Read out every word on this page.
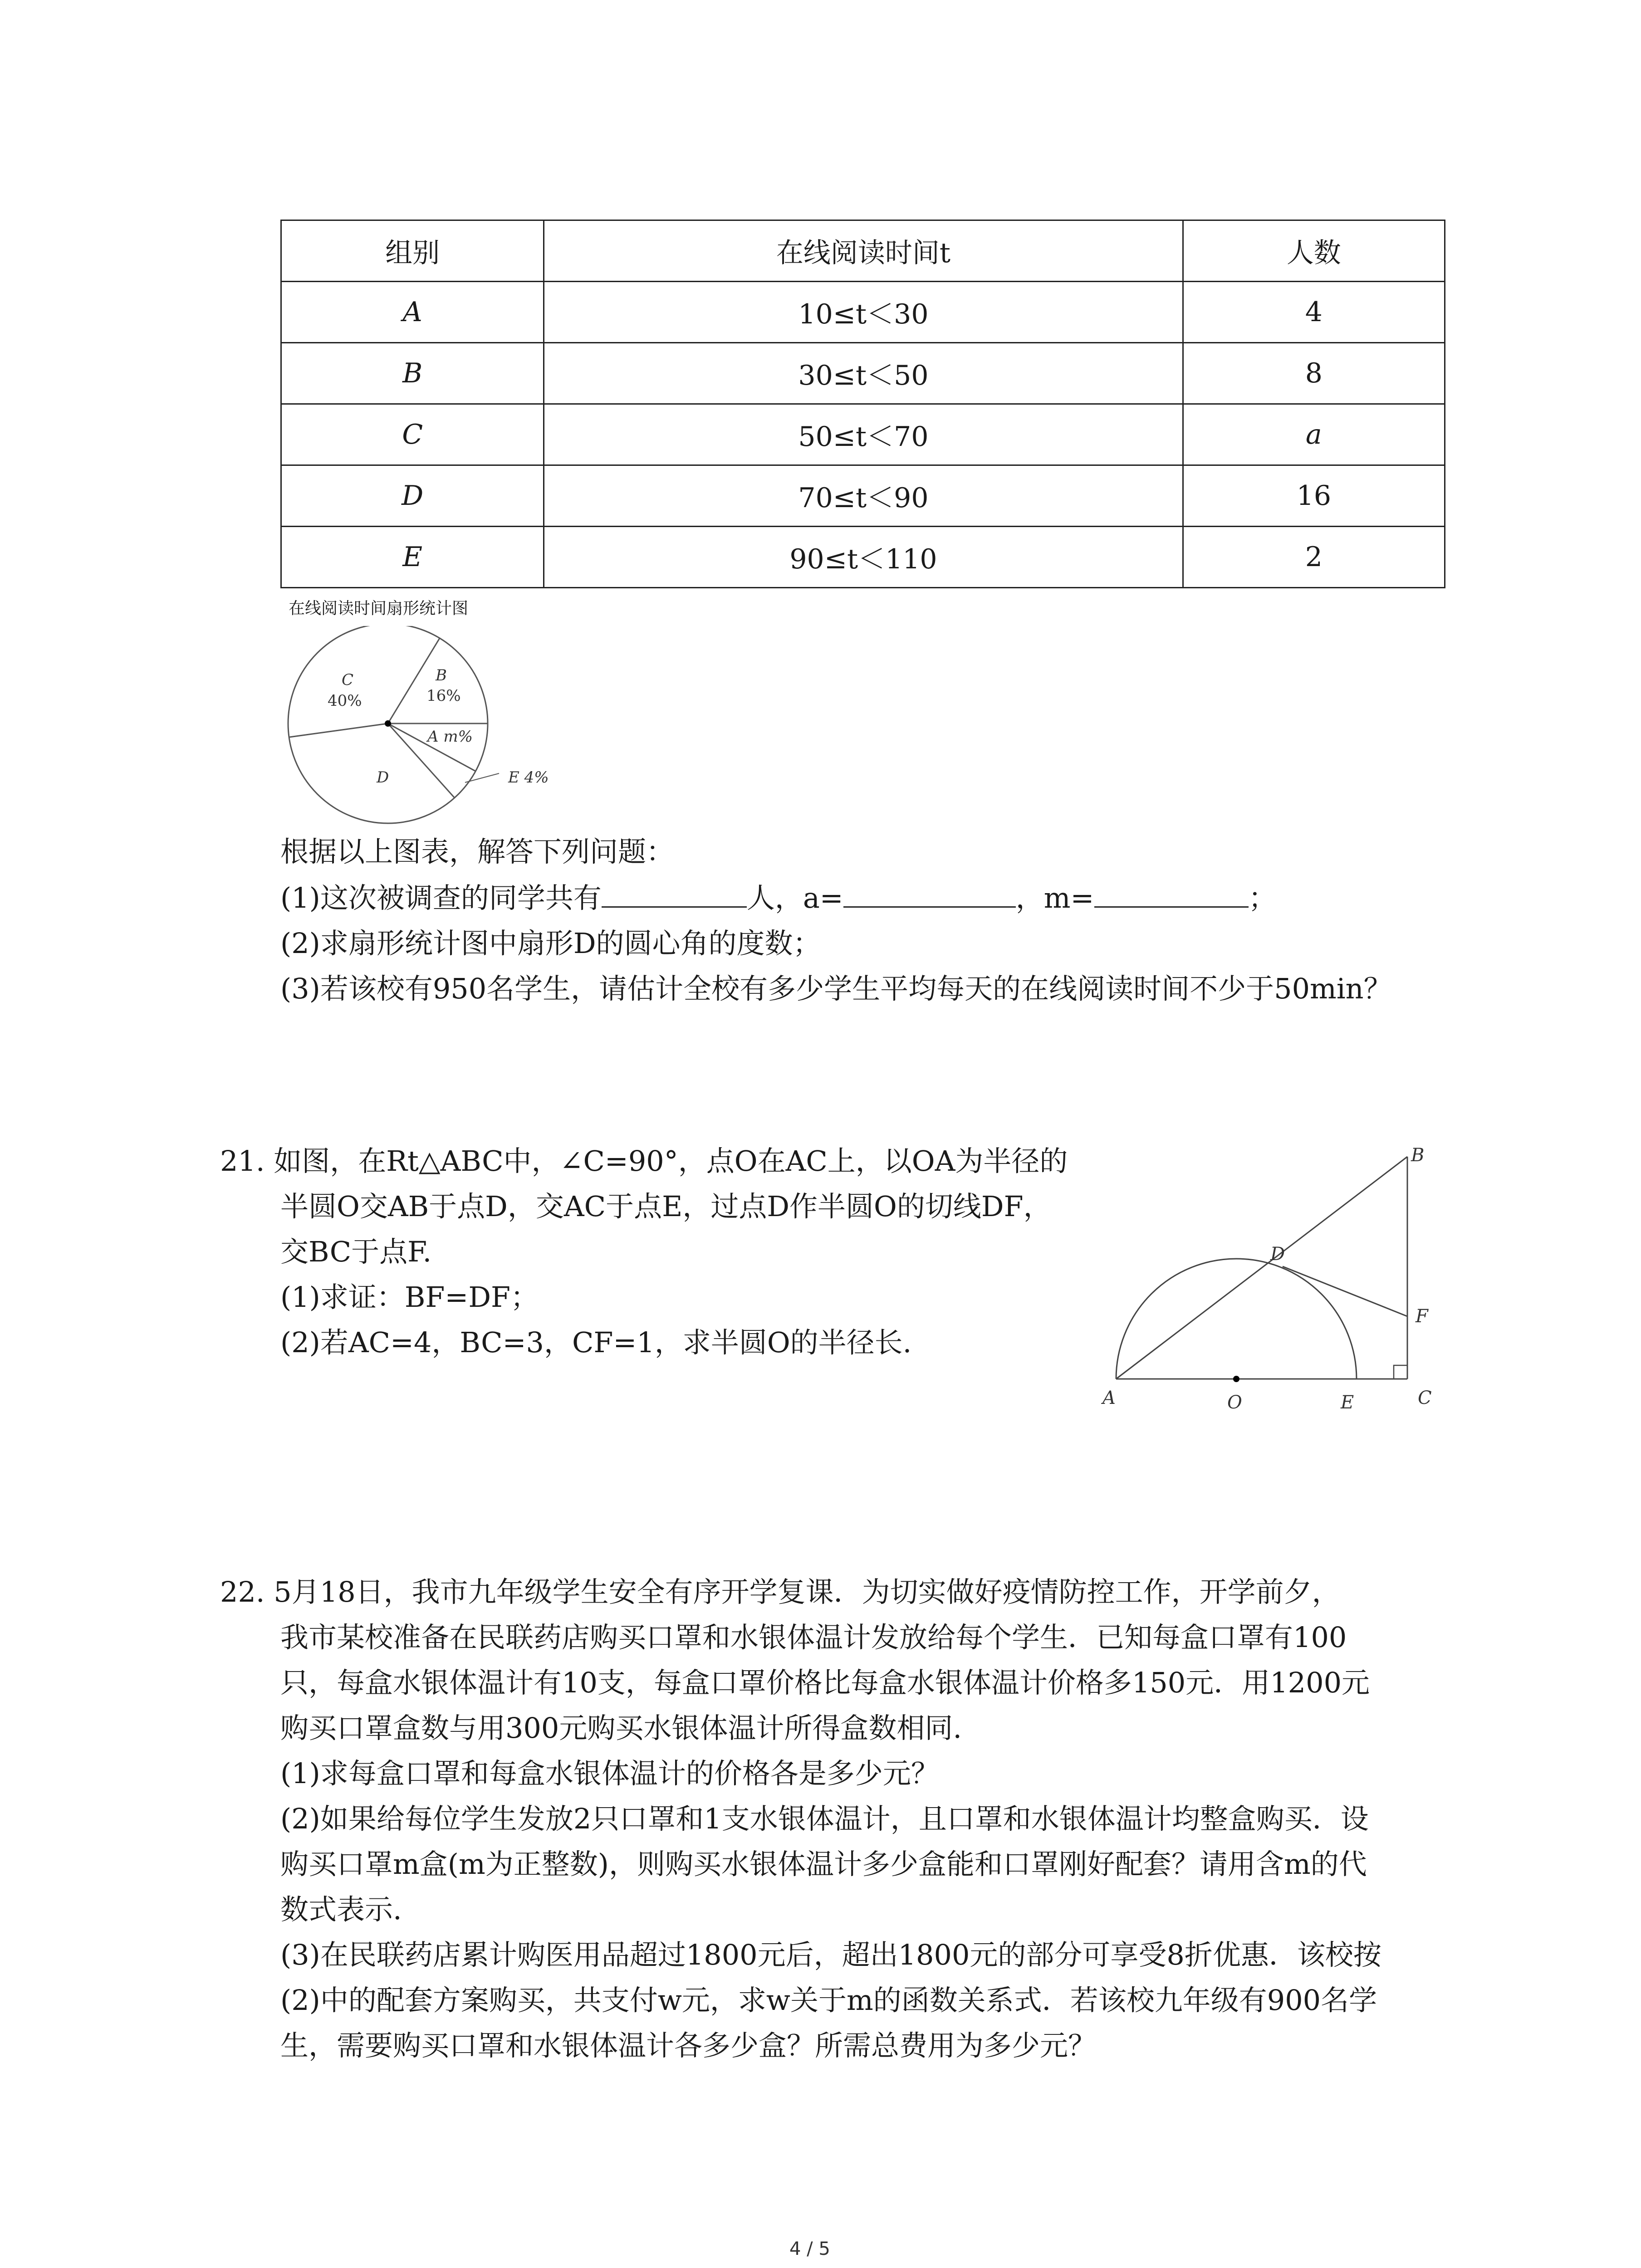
组别	在线阅读时间t	人数
A	10≤t＜30	4
B	30≤t＜50	8
C	50≤t＜70	a
D	70≤t＜90	16
E	90≤t＜110	2
在线阅读时间扇形统计图
C
40%
B
16%
A m%
D	E 4%
根据以上图表，解答下列问题：
(1)这次被调查的同学共有	人，a=	，m=	；
(2)求扇形统计图中扇形D的圆心角的度数；
(3)若该校有950名学生，请估计全校有多少学生平均每天的在线阅读时间不少于50min？
21. 如图，在Rt△ABC中，∠C=90°，点O在AC上，以OA为半径的
半圆O交AB于点D，交AC于点E，过点D作半圆O的切线DF，
交BC于点F.
(1)求证：BF=DF；
(2)若AC=4，BC=3，CF=1，求半圆O的半径长.
A
B
C
D
E
F
O
22. 5月18日，我市九年级学生安全有序开学复课．为切实做好疫情防控工作，开学前夕，
我市某校准备在民联药店购买口罩和水银体温计发放给每个学生．已知每盒口罩有100
只，每盒水银体温计有10支，每盒口罩价格比每盒水银体温计价格多150元．用1200元
购买口罩盒数与用300元购买水银体温计所得盒数相同.
(1)求每盒口罩和每盒水银体温计的价格各是多少元？
(2)如果给每位学生发放2只口罩和1支水银体温计，且口罩和水银体温计均整盒购买．设
购买口罩m盒(m为正整数)，则购买水银体温计多少盒能和口罩刚好配套？请用含m的代
数式表示.
(3)在民联药店累计购医用品超过1800元后，超出1800元的部分可享受8折优惠．该校按
(2)中的配套方案购买，共支付w元，求w关于m的函数关系式．若该校九年级有900名学
生，需要购买口罩和水银体温计各多少盒？所需总费用为多少元？
4 / 5
